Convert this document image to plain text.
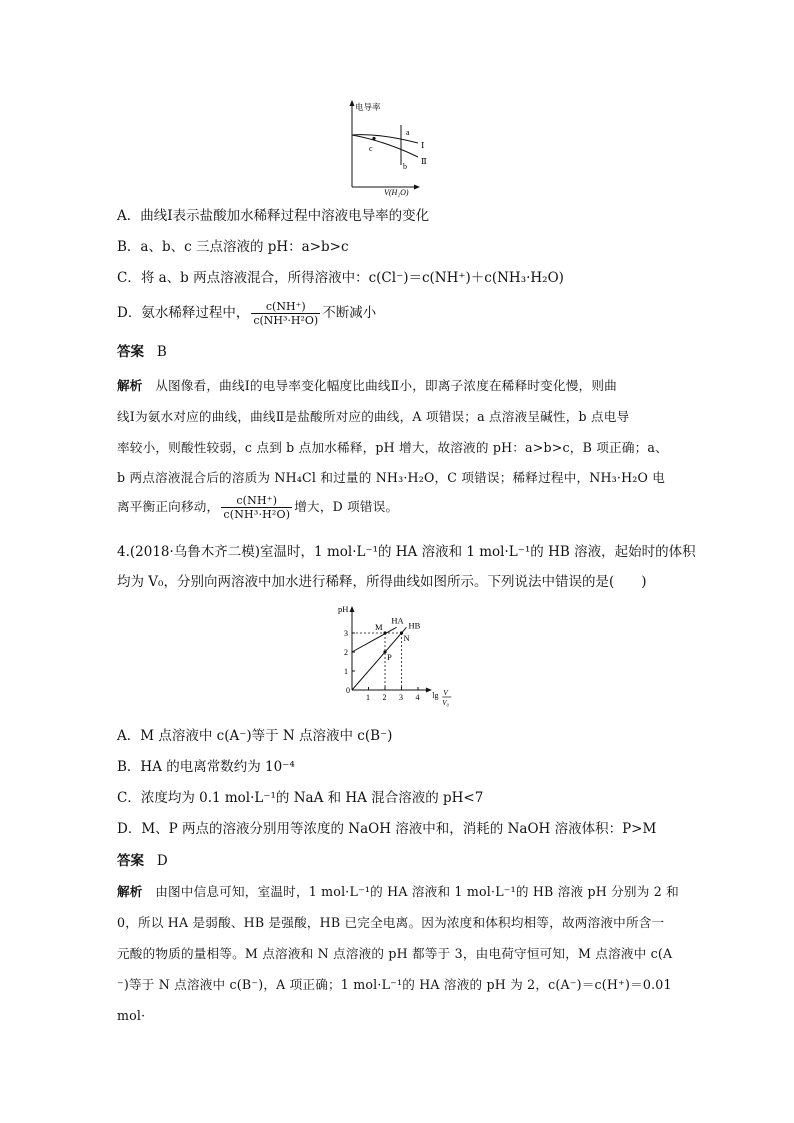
电导率
a
b
c	Ⅰ
Ⅱ
V(H₂O)
A．曲线Ⅰ表示盐酸加水稀释过程中溶液电导率的变化
B．a、b、c 三点溶液的 pH：a>b>c
C．将 a、b 两点溶液混合，所得溶液中：c(Cl⁻)＝c(NH⁺)＋c(NH₃·H₂O)
D．氨水稀释过程中， $\frac{c(NH^+)}{\text{c(NH³·H²O)}}$ 不断减小
答案 B
解析 从图像看，曲线Ⅰ的电导率变化幅度比曲线Ⅱ小，即离子浓度在稀释时变化慢，则曲
线Ⅰ为氨水对应的曲线，曲线Ⅱ是盐酸所对应的曲线，A 项错误；a 点溶液呈碱性，b 点电导
率较小，则酸性较弱，c 点到 b 点加水稀释，pH 增大，故溶液的 pH：a>b>c，B 项正确；a、
b 两点溶液混合后的溶质为 NH₄Cl 和过量的 NH₃·H₂O，C 项错误；稀释过程中，NH₃·H₂O 电
离平衡正向移动， $\frac{c(NH^+)}{\text{c(NH³·H²O)}}$ 增大，D 项错误。
4.(2018·乌鲁木齐二模)室温时，1 mol·L⁻¹的 HA 溶液和 1 mol·L⁻¹的 HB 溶液，起始时的体积
均为 V₀，分别向两溶液中加水进行稀释，所得曲线如图所示。下列说法中错误的是(　　)
pH
1
2
3
0
1 2 3 4 lg V
V₀
HA HB
M
N
P
A．M 点溶液中 c(A⁻)等于 N 点溶液中 c(B⁻)
B．HA 的电离常数约为 10⁻⁴
C．浓度均为 0.1 mol·L⁻¹的 NaA 和 HA 混合溶液的 pH<7
D．M、P 两点的溶液分别用等浓度的 NaOH 溶液中和，消耗的 NaOH 溶液体积：P>M
答案 D
解析 由图中信息可知，室温时，1 mol·L⁻¹的 HA 溶液和 1 mol·L⁻¹的 HB 溶液 pH 分别为 2 和
0，所以 HA 是弱酸、HB 是强酸，HB 已完全电离。因为浓度和体积均相等，故两溶液中所含一
元酸的物质的量相等。M 点溶液和 N 点溶液的 pH 都等于 3，由电荷守恒可知，M 点溶液中 c(A
⁻)等于 N 点溶液中 c(B⁻)，A 项正确；1 mol·L⁻¹的 HA 溶液的 pH 为 2，c(A⁻)＝c(H⁺)＝0.01
mol·
